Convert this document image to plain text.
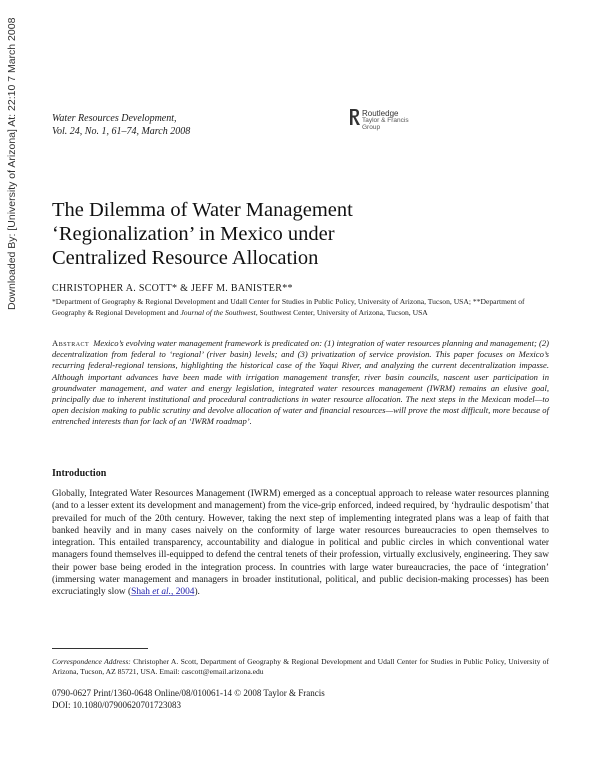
Downloaded By: [University of Arizona] At: 22:10 7 March 2008	Water Resources Development,
Vol. 24, No. 1, 61–74, March 2008
Routledge
Taylor & Francis Group
The Dilemma of Water Management
‘Regionalization’ in Mexico under
Centralized Resource Allocation
CHRISTOPHER A. SCOTT* & JEFF M. BANISTER**
*Department of Geography & Regional Development and Udall Center for Studies in Public Policy, University of Arizona, Tucson, USA; **Department of Geography & Regional Development and Journal of the Southwest, Southwest Center, University of Arizona, Tucson, USA
Abstract Mexico’s evolving water management framework is predicated on: (1) integration of water resources planning and management; (2) decentralization from federal to ‘regional’ (river basin) levels; and (3) privatization of service provision. This paper focuses on Mexico’s recurring federal-regional tensions, highlighting the historical case of the Yaqui River, and analyzing the current decentralization impasse. Although important advances have been made with irrigation management transfer, river basin councils, nascent user participation in groundwater management, and water and energy legislation, integrated water resources management (IWRM) remains an elusive goal, principally due to inherent institutional and procedural contradictions in water resource allocation. The next steps in the Mexican model—to open decision making to public scrutiny and devolve allocation of water and financial resources—will prove the most difficult, more because of entrenched interests than for lack of an ‘IWRM roadmap’.
Introduction
Globally, Integrated Water Resources Management (IWRM) emerged as a conceptual approach to release water resources planning (and to a lesser extent its development and management) from the vice-grip enforced, indeed required, by ‘hydraulic despotism’ that prevailed for much of the 20th century. However, taking the next step of implementing integrated plans was a leap of faith that banked heavily and in many cases naively on the conformity of large water resources bureaucracies to open themselves to integration. This entailed transparency, accountability and dialogue in political and public circles in which conventional water managers found themselves ill-equipped to defend the central tenets of their profession, virtually exclusively, engineering. They saw their power base being eroded in the integration process. In countries with large water bureaucracies, the pace of ‘integration’ (immersing water management and managers in broader institutional, political, and public decision-making processes) has been excruciatingly slow (Shah et al., 2004).
Correspondence Address: Christopher A. Scott, Department of Geography & Regional Development and Udall Center for Studies in Public Policy, University of Arizona, Tucson, AZ 85721, USA. Email: cascott@email.arizona.edu
0790-0627 Print/1360-0648 Online/08/010061-14 © 2008 Taylor & Francis
DOI: 10.1080/07900620701723083
